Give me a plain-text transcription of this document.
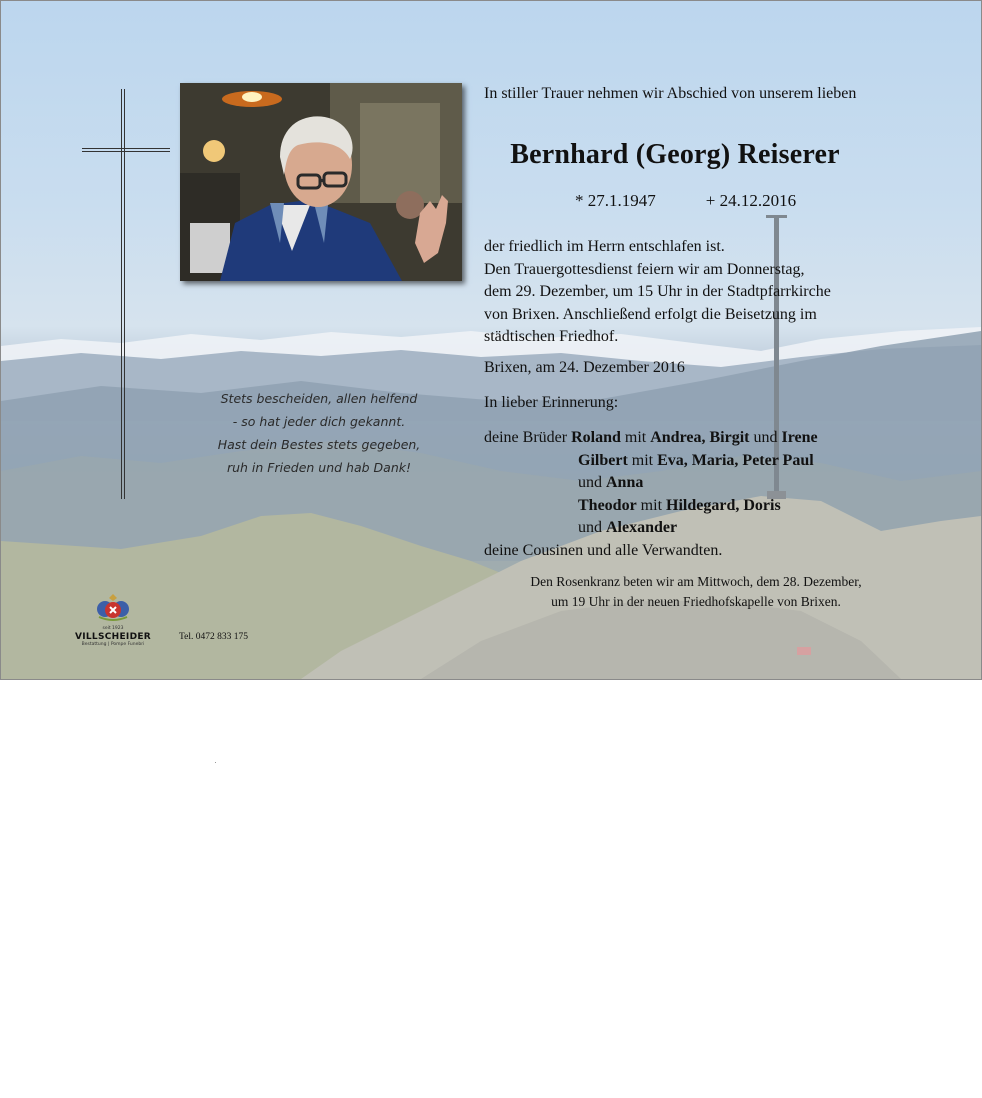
Stets bescheiden, allen helfend
- so hat jeder dich gekannt.
Hast dein Bestes stets gegeben,
ruh in Frieden und hab Dank!

In stiller Trauer nehmen wir Abschied von unserem lieben

Bernhard (Georg) Reiserer
* 27.1.1947	+ 24.12.2016
der friedlich im Herrn entschlafen ist.
Den Trauergottesdienst feiern wir am Donnerstag,
dem 29. Dezember, um 15 Uhr in der Stadtpfarrkirche
von Brixen. Anschließend erfolgt die Beisetzung im
städtischen Friedhof.
Brixen, am 24. Dezember 2016
In lieber Erinnerung:
deine Brüder Roland mit Andrea, Birgit und Irene
Gilbert mit Eva, Maria, Peter Paul
und Anna
Theodor mit Hildegard, Doris
und Alexander
deine Cousinen und alle Verwandten.
Den Rosenkranz beten wir am Mittwoch, dem 28. Dezember,
um 19 Uhr in der neuen Friedhofskapelle von Brixen.
seit 1923
VILLSCHEIDER
Bestattung | Pompe Funebri
Tel. 0472 833 175
